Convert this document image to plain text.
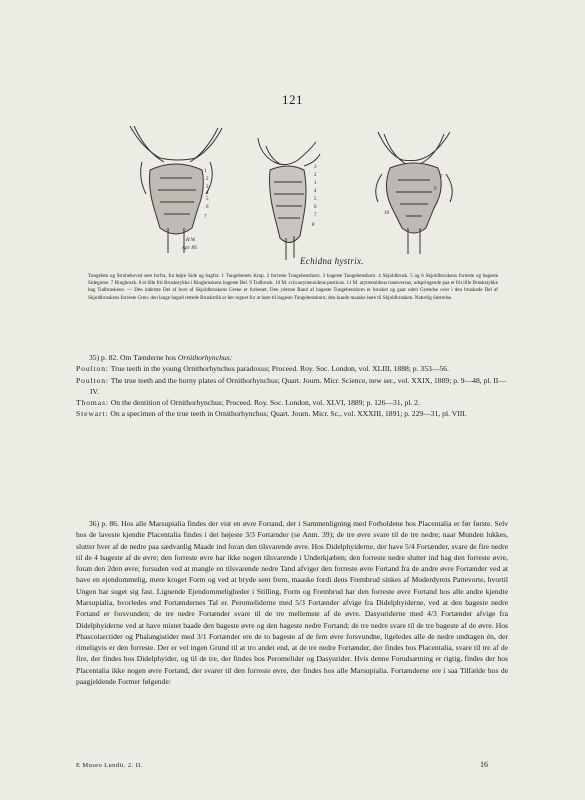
121
1
2
3
4
5
6
7
H.W.
Apr. 89.
3
2
1
4
5
6
7
8
7
9
10
Echidna hystrix.
Tungeben og Strubehoved sete forfra, fra højre Side og bagfra. 1 Tungebenets Krop. 2 forreste Tungebenshorn. 3 bageste Tungebenshorn. 4 Skjoldbrusk. 5 og 6 Skjoldbruskens forreste og bageste Sidegrene. 7 Ringbrusk. 8 et lille frit Bruskstykke i Ringbruskens bageste Del. 9 Tudbrusk. 10 M. cricoarytænoideus posticus. 11 M. arytænoideus transversus, udspringende paa et frit lille Bruskstykke bag Tudbruskene. — Den inderste Del af hver af Skjoldbruskens Grene er forbenet. Den yderste Rand af bageste Tungebenshorn er brusket og gaar uden Grændse over i den bruskede Del af Skjoldbruskens forreste Gren; den lange hagud rettede Bruskstilk er her regnet for at høre til bageste Tungebenshorn; den kunde maaske høre til Skjoldbrusken. Naturlig Størrelse.
35) p. 82. Om Tænderne hos Ornithorhynchus:
Poulton: True teeth in the young Ornithorhynchus paradoxus; Proceed. Roy. Soc. London, vol. XLIII, 1888; p. 353—56.
Poulton: The true teeth and the horny plates of Ornithorhynchus; Quart. Journ. Micr. Science, new ser., vol. XXIX, 1889; p. 9—48, pl. II—IV.
Thomas: On the dentition of Ornithorhynchus; Proceed. Roy. Soc. London, vol. XLVI, 1889; p. 126—31, pl. 2.
Stewart: On a specimen of the true teeth in Ornithorhynchus; Quart. Journ. Micr. Sc., vol. XXXIII, 1891; p. 229—31, pl. VIII.

36) p. 86. Hos alle Marsupialia findes der vist en øvre Fortand, der i Sammenligning med Forholdene hos Placentalia er før første. Selv hos de laveste kjendte Placentalia findes i det højeste 3/3 Fortænder (se Anm. 39); de tre øvre svare til de tre nedre; naar Munden lukkes, slutter hver af de nedre paa sædvanlig Maade ind foran den tilsvarende øvre. Hos Didelphyiderne, der have 5/4 Fortænder, svare de fire nedre til de 4 bageste af de øvre; den forreste øvre har ikke nogen tilsvarende i Underkjæben; den forreste nedre slutter ind bag den forreste øvre, foran den 2den øvre; forsuden ved at mangle en tilsvarende nedre Tand afviger den forreste øvre Fortand fra de andre øvre Fortænder ved at have en ejendommelig, mere kroget Form og ved at bryde sent frem, maaske fordi dens Frembrud sinkes af Moderdyrets Pattevorte, hvortil Ungen har suget sig fast. Lignende Ejendommeligheder i Stilling, Form og Frembrud har den forreste øvre Fortand hos alle andre kjendte Marsupialia, hvorledes end Fortændernes Tal er. Peromeliderne med 5/3 Fortænder afvige fra Didelphyiderne, ved at den bageste nedre Fortand er forsvunden; de tre nedre Fortænder svare til de tre mellemste af de øvre. Dasyuriderne med 4/3 Fortænder afvige fra Didelphyiderne ved at have mistet baade den bageste øvre og den bageste nedre Fortand; de tre nedre svare til de tre bageste af de øvre. Hos Phascolarctider og Phalangistider med 3/1 Fortænder ere de to bageste af de fem øvre forsvundne, ligeledes alle de nedre undtagen én, der rimeligvis er den forreste. Der er vel ingen Grund til at tro andet end, at de tre nedre Fortænder, der findes hos Placentalia, svare til tre af de fire, der findes hos Didelphyider, og til de tre, der findes hos Peromelider og Dasyurider. Hvis denne Forudsætning er rigtig, findes der hos Placentalia ikke nogen øvre Fortand, der svarer til den forreste øvre, der findes hos alle Marsupialia. Fortænderne ere i saa Tilfælde hos de paagjeldende Former følgende:

E Museo Lundii. 2. II.	16
